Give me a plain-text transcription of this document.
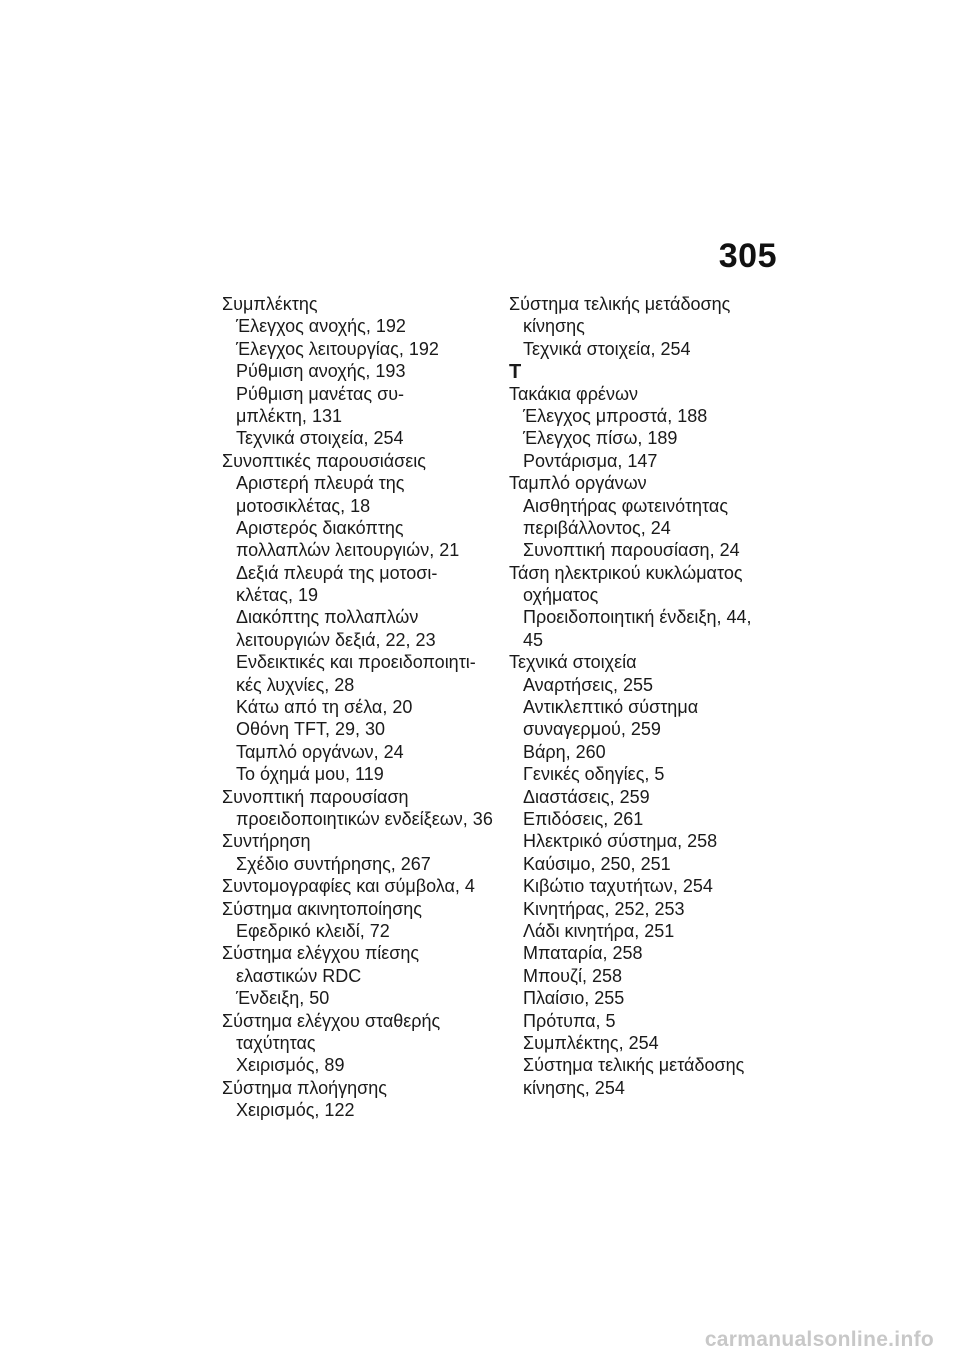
305
Συμπλέκτης
Έλεγχος ανοχής, 192
Έλεγχος λειτουργίας, 192
Ρύθμιση ανοχής, 193
Ρύθμιση μανέτας συ-
μπλέκτη, 131
Τεχνικά στοιχεία, 254
Συνοπτικές παρουσιάσεις
Αριστερή πλευρά της
μοτοσικλέτας, 18
Αριστερός διακόπτης
πολλαπλών λειτουργιών, 21
Δεξιά πλευρά της μοτοσι-
κλέτας, 19
Διακόπτης πολλαπλών
λειτουργιών δεξιά, 22, 23
Ενδεικτικές και προειδοποιητι-
κές λυχνίες, 28
Κάτω από τη σέλα, 20
Οθόνη TFT, 29, 30
Ταμπλό οργάνων, 24
Το όχημά μου, 119
Συνοπτική παρουσίαση
προειδοποιητικών ενδείξεων, 36
Συντήρηση
Σχέδιο συντήρησης, 267
Συντομογραφίες και σύμβολα, 4
Σύστημα ακινητοποίησης
Εφεδρικό κλειδί, 72
Σύστημα ελέγχου πίεσης
ελαστικών RDC
Ένδειξη, 50
Σύστημα ελέγχου σταθερής
ταχύτητας
Χειρισμός, 89
Σύστημα πλοήγησης
Χειρισμός, 122
Σύστημα τελικής μετάδοσης
κίνησης
Τεχνικά στοιχεία, 254
Τ
Τακάκια φρένων
Έλεγχος μπροστά, 188
Έλεγχος πίσω, 189
Ροντάρισμα, 147
Ταμπλό οργάνων
Αισθητήρας φωτεινότητας
περιβάλλοντος, 24
Συνοπτική παρουσίαση, 24
Τάση ηλεκτρικού κυκλώματος
οχήματος
Προειδοποιητική ένδειξη, 44,
45
Τεχνικά στοιχεία
Αναρτήσεις, 255
Αντικλεπτικό σύστημα
συναγερμού, 259
Βάρη, 260
Γενικές οδηγίες, 5
Διαστάσεις, 259
Επιδόσεις, 261
Ηλεκτρικό σύστημα, 258
Καύσιμο, 250, 251
Κιβώτιο ταχυτήτων, 254
Κινητήρας, 252, 253
Λάδι κινητήρα, 251
Μπαταρία, 258
Μπουζί, 258
Πλαίσιο, 255
Πρότυπα, 5
Συμπλέκτης, 254
Σύστημα τελικής μετάδοσης
κίνησης, 254
carmanualsonline.info
